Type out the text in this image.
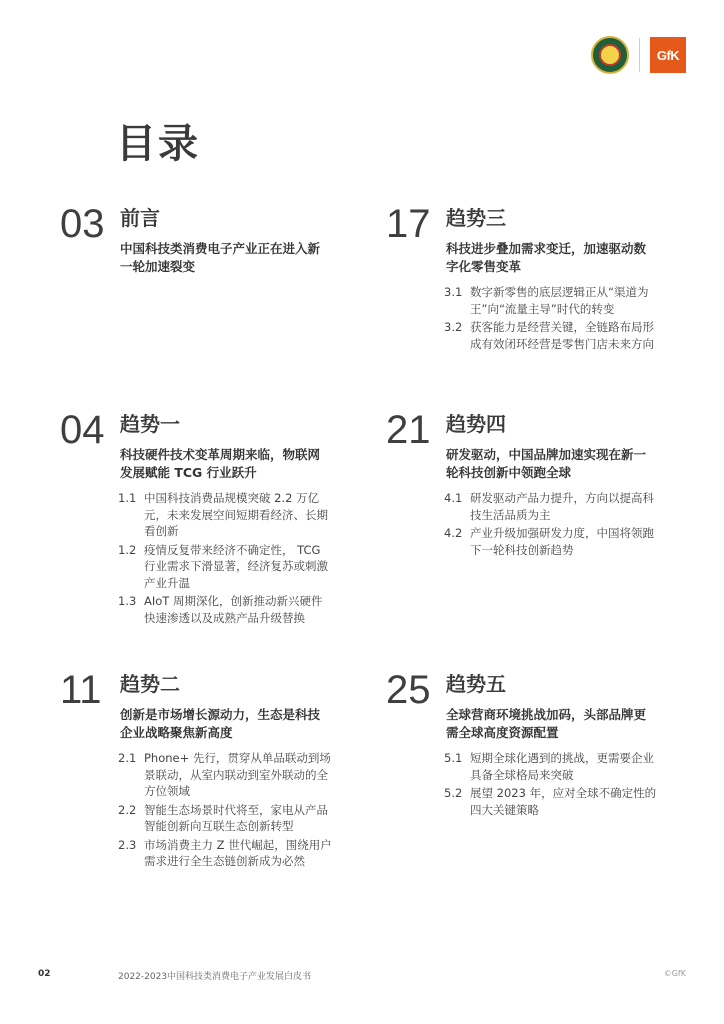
GfK
目录
03 前言
中国科技类消费电子产业正在进入新一轮加速裂变
17 趋势三
科技进步叠加需求变迁，加速驱动数字化零售变革
3.1 数字新零售的底层逻辑正从“渠道为王”向“流量主导”时代的转变
3.2 获客能力是经营关键，全链路布局形成有效闭环经营是零售门店未来方向
04 趋势一
科技硬件技术变革周期来临，物联网发展赋能 TCG 行业跃升
1.1 中国科技消费品规模突破 2.2 万亿元，未来发展空间短期看经济、长期看创新
1.2 疫情反复带来经济不确定性， TCG 行业需求下滑显著，经济复苏或刺激产业升温
1.3 AIoT 周期深化，创新推动新兴硬件快速渗透以及成熟产品升级替换
21 趋势四
研发驱动，中国品牌加速实现在新一轮科技创新中领跑全球
4.1 研发驱动产品力提升，方向以提高科技生活品质为主
4.2 产业升级加强研发力度，中国将领跑下一轮科技创新趋势
11 趋势二
创新是市场增长源动力，生态是科技企业战略聚焦新高度
2.1 Phone+ 先行，贯穿从单品联动到场景联动，从室内联动到室外联动的全方位领域
2.2 智能生态场景时代将至，家电从产品智能创新向互联生态创新转型
2.3 市场消费主力 Z 世代崛起，围绕用户需求进行全生态链创新成为必然
25 趋势五
全球营商环境挑战加码，头部品牌更需全球高度资源配置
5.1 短期全球化遇到的挑战，更需要企业具备全球格局来突破
5.2 展望 2023 年，应对全球不确定性的四大关键策略
02	2022-2023中国科技类消费电子产业发展白皮书	©GfK
